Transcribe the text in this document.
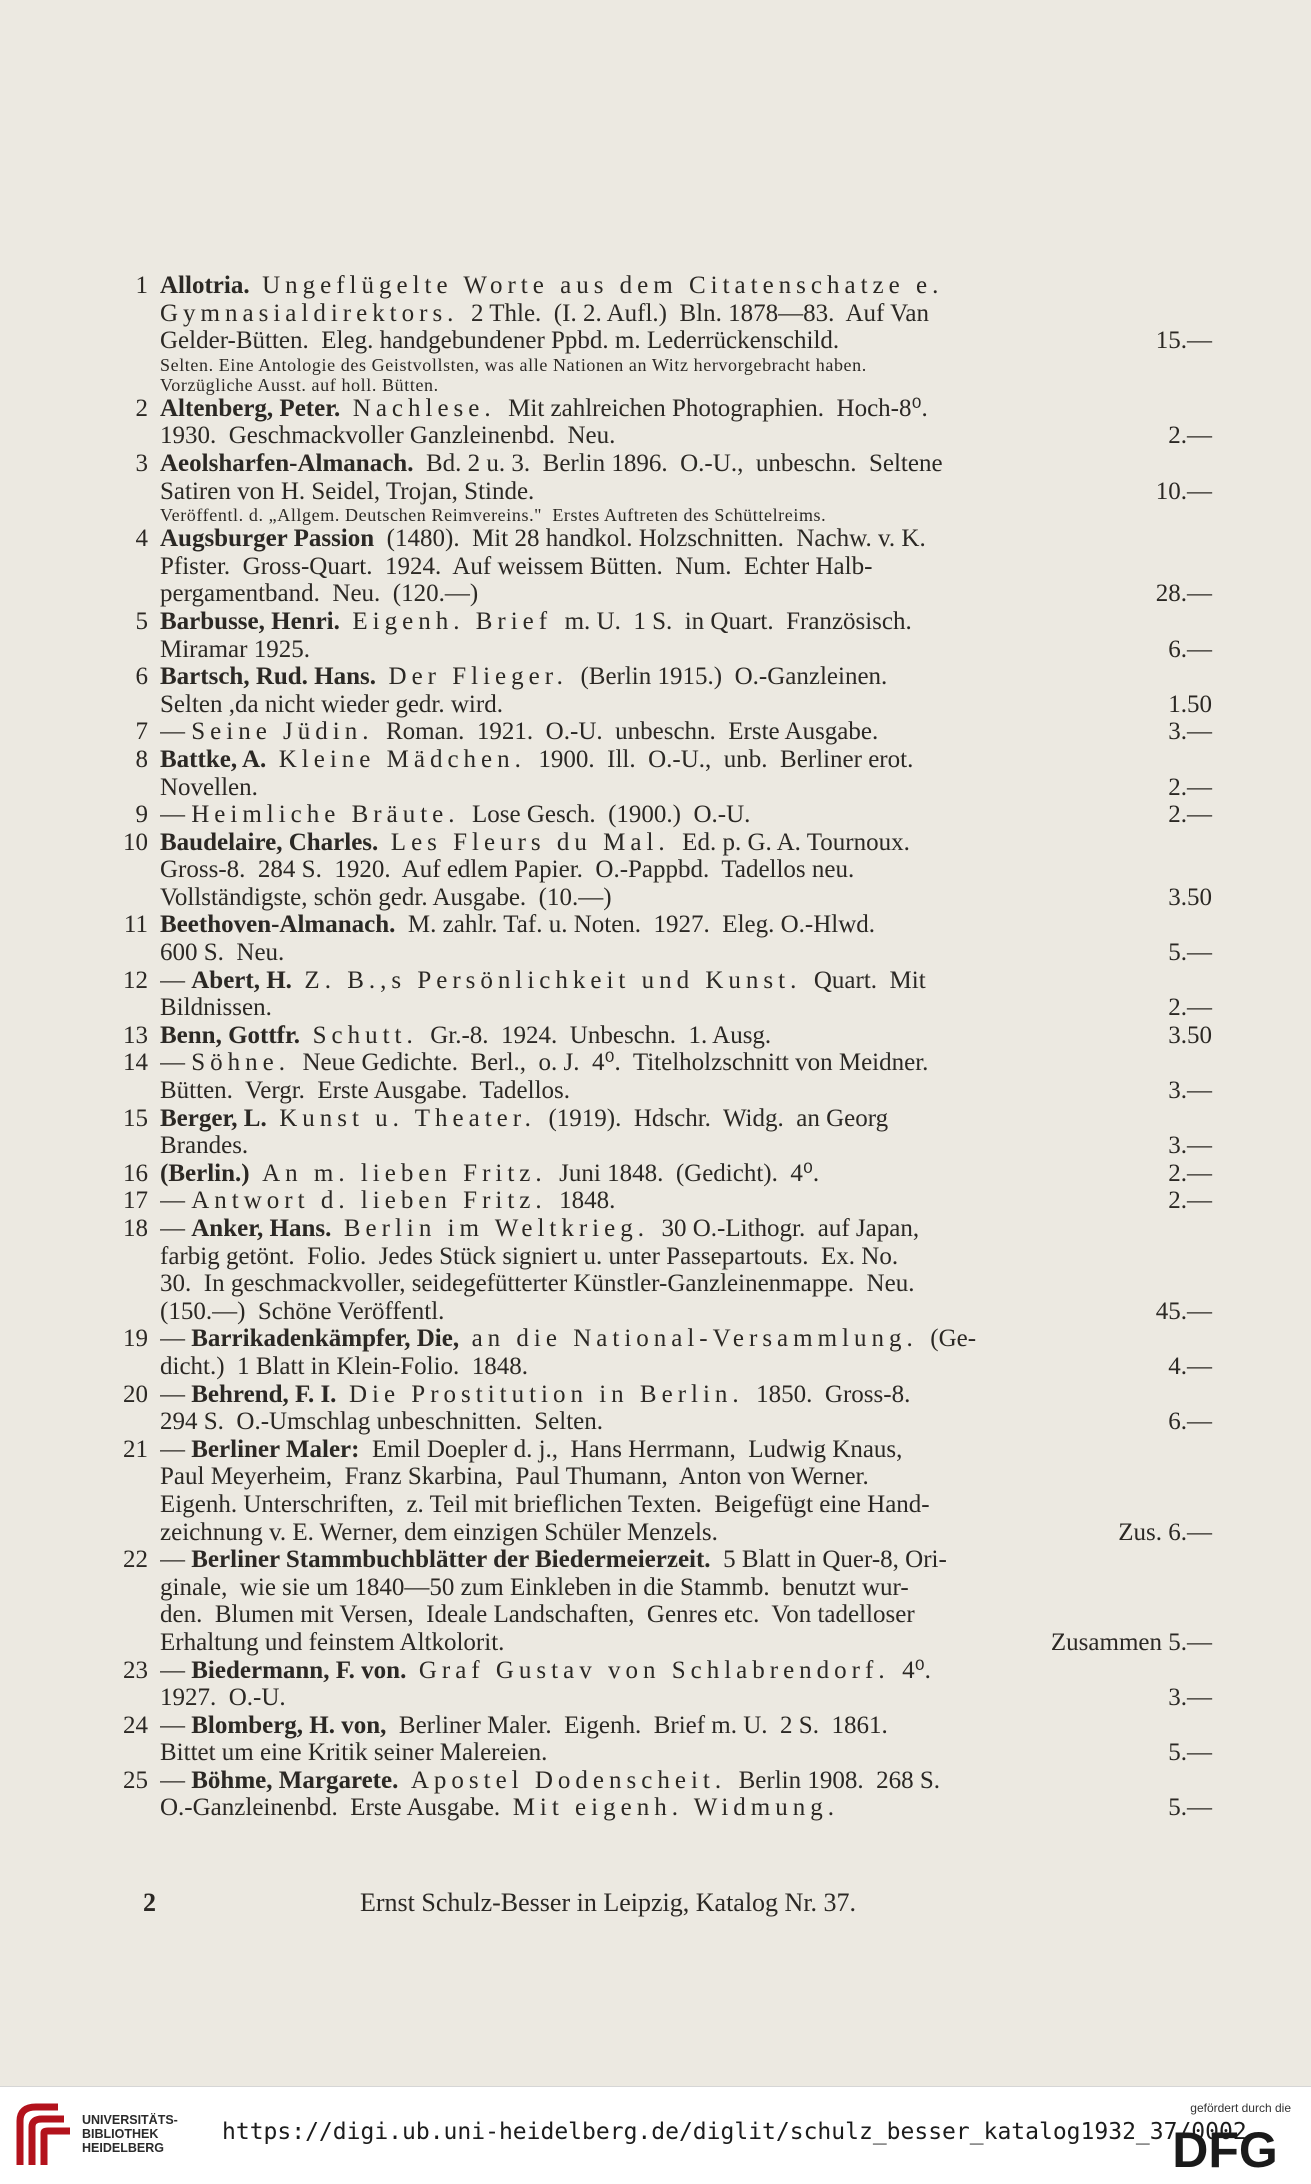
1 Allotria. Ungeflügelte Worte aus dem Citatenschatze e.
Gymnasialdirektors.  2 Thle.  (I. 2. Aufl.)  Bln. 1878—83.  Auf Van
Gelder-Bütten.  Eleg. handgebundener Ppbd. m. Lederrückenschild.	15.—
Selten. Eine Antologie des Geistvollsten, was alle Nationen an Witz hervorgebracht haben.
Vorzügliche Ausst. auf holl. Bütten.
2 Altenberg, Peter. Nachlese.  Mit zahlreichen Photographien.  Hoch-8⁰.
1930.  Geschmackvoller Ganzleinenbd.  Neu.	2.—
3 Aeolsharfen-Almanach.  Bd. 2 u. 3.  Berlin 1896.  O.-U.,  unbeschn.  Seltene
Satiren von H. Seidel, Trojan, Stinde.	10.—
Veröffentl. d. „Allgem. Deutschen Reimvereins."  Erstes Auftreten des Schüttelreims.
4 Augsburger Passion  (1480).  Mit 28 handkol. Holzschnitten.  Nachw. v. K.
Pfister.  Gross-Quart.  1924.  Auf weissem Bütten.  Num.  Echter Halb-
pergamentband.  Neu.  (120.—)	28.—
5 Barbusse, Henri. Eigenh. Brief  m. U.  1 S.  in Quart.  Französisch.
Miramar 1925.	6.—
6 Bartsch, Rud. Hans. Der Flieger.  (Berlin 1915.)  O.-Ganzleinen.
Selten ,da nicht wieder gedr. wird.	1.50
7 — Seine Jüdin.  Roman.  1921.  O.-U.  unbeschn.  Erste Ausgabe.	3.—
8 Battke, A. Kleine Mädchen.  1900.  Ill.  O.-U.,  unb.  Berliner erot.
Novellen.	2.—
9 — Heimliche Bräute.  Lose Gesch.  (1900.)  O.-U.	2.—
10 Baudelaire, Charles. Les Fleurs du Mal.  Ed. p. G. A. Tournoux.
Gross-8.  284 S.  1920.  Auf edlem Papier.  O.-Pappbd.  Tadellos neu.
Vollständigste, schön gedr. Ausgabe.  (10.—)	3.50
11 Beethoven-Almanach.  M. zahlr. Taf. u. Noten.  1927.  Eleg. O.-Hlwd.
600 S.  Neu.	5.—
12 — Abert, H. Z. B.,s Persönlichkeit und Kunst.  Quart.  Mit
Bildnissen.	2.—
13 Benn, Gottfr. Schutt.  Gr.-8.  1924.  Unbeschn.  1. Ausg.	3.50
14 — Söhne.  Neue Gedichte.  Berl.,  o. J.  4⁰.  Titelholzschnitt von Meidner.
Bütten.  Vergr.  Erste Ausgabe.  Tadellos.	3.—
15 Berger, L. Kunst u. Theater.  (1919).  Hdschr.  Widg.  an Georg
Brandes.	3.—
16 (Berlin.) An m. lieben Fritz.  Juni 1848.  (Gedicht).  4⁰.	2.—
17 — Antwort d. lieben Fritz.  1848.	2.—
18 — Anker, Hans. Berlin im Weltkrieg.  30 O.-Lithogr.  auf Japan,
farbig getönt.  Folio.  Jedes Stück signiert u. unter Passepartouts.  Ex. No.
30.  In geschmackvoller, seidegefütterter Künstler-Ganzleinenmappe.  Neu.
(150.—)  Schöne Veröffentl.	45.—
19 — Barrikadenkämpfer, Die, an die National-Versammlung.  (Ge-
dicht.)  1 Blatt in Klein-Folio.  1848.	4.—
20 — Behrend, F. I. Die Prostitution in Berlin.  1850.  Gross-8.
294 S.  O.-Umschlag unbeschnitten.  Selten.	6.—
21 — Berliner Maler:  Emil Doepler d. j.,  Hans Herrmann,  Ludwig Knaus,
Paul Meyerheim,  Franz Skarbina,  Paul Thumann,  Anton von Werner.
Eigenh. Unterschriften,  z. Teil mit brieflichen Texten.  Beigefügt eine Hand-
zeichnung v. E. Werner, dem einzigen Schüler Menzels.	Zus. 6.—
22 — Berliner Stammbuchblätter der Biedermeierzeit.  5 Blatt in Quer-8, Ori-
ginale,  wie sie um 1840—50 zum Einkleben in die Stammb.  benutzt wur-
den.  Blumen mit Versen,  Ideale Landschaften,  Genres etc.  Von tadelloser
Erhaltung und feinstem Altkolorit.	Zusammen 5.—
23 — Biedermann, F. von. Graf Gustav von Schlabrendorf.  4⁰.
1927.  O.-U.	3.—
24 — Blomberg, H. von,  Berliner Maler.  Eigenh.  Brief m. U.  2 S.  1861.
Bittet um eine Kritik seiner Malereien.	5.—
25 — Böhme, Margarete. Apostel Dodenscheit.  Berlin 1908.  268 S.
O.-Ganzleinenbd.  Erste Ausgabe.  Mit eigenh. Widmung.	5.—
2	Ernst Schulz-Besser in Leipzig, Katalog Nr. 37.
UNIVERSITÄTS-
BIBLIOTHEK
HEIDELBERG
https://digi.ub.uni-heidelberg.de/diglit/schulz_besser_katalog1932_37/0002
gefördert durch die
DFG
